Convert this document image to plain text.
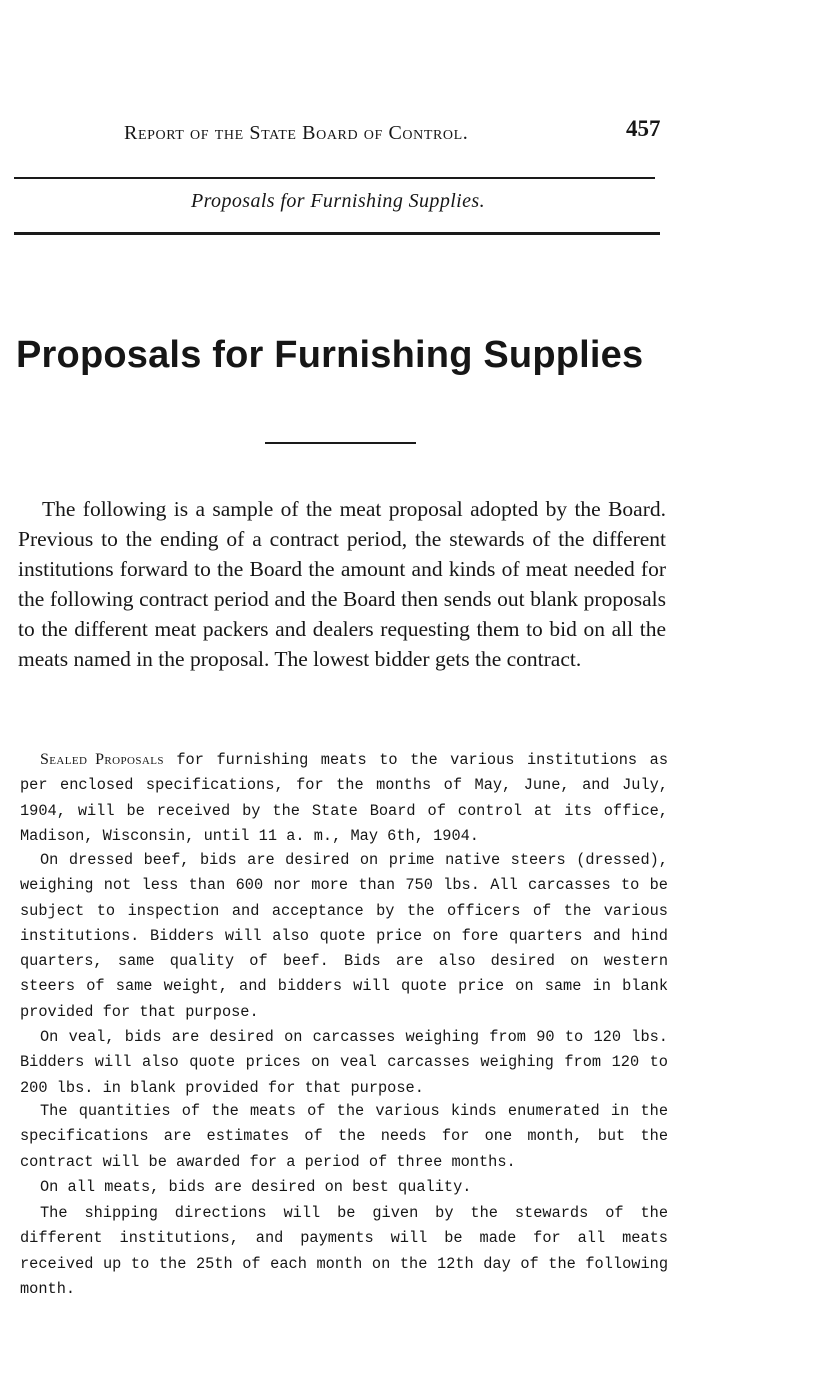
Report of the State Board of Control.	457
Proposals for Furnishing Supplies.
Proposals for Furnishing Supplies

The following is a sample of the meat proposal adopted by the Board. Previous to the ending of a contract period, the stewards of the different institutions forward to the Board the amount and kinds of meat needed for the following contract period and the Board then sends out blank proposals to the different meat packers and dealers requesting them to bid on all the meats named in the proposal. The lowest bidder gets the contract.

Sealed Proposals for furnishing meats to the various institutions as per enclosed specifications, for the months of May, June, and July, 1904, will be received by the State Board of control at its office, Madison, Wisconsin, until 11 a. m., May 6th, 1904.

On dressed beef, bids are desired on prime native steers (dressed), weighing not less than 600 nor more than 750 lbs. All carcasses to be subject to inspection and acceptance by the officers of the various institutions. Bidders will also quote price on fore quarters and hind quarters, same quality of beef. Bids are also desired on western steers of same weight, and bidders will quote price on same in blank provided for that purpose.

On veal, bids are desired on carcasses weighing from 90 to 120 lbs. Bidders will also quote prices on veal carcasses weighing from 120 to 200 lbs. in blank provided for that purpose.

The quantities of the meats of the various kinds enumerated in the specifications are estimates of the needs for one month, but the contract will be awarded for a period of three months.

On all meats, bids are desired on best quality.

The shipping directions will be given by the stewards of the different institutions, and payments will be made for all meats received up to the 25th of each month on the 12th day of the following month.
